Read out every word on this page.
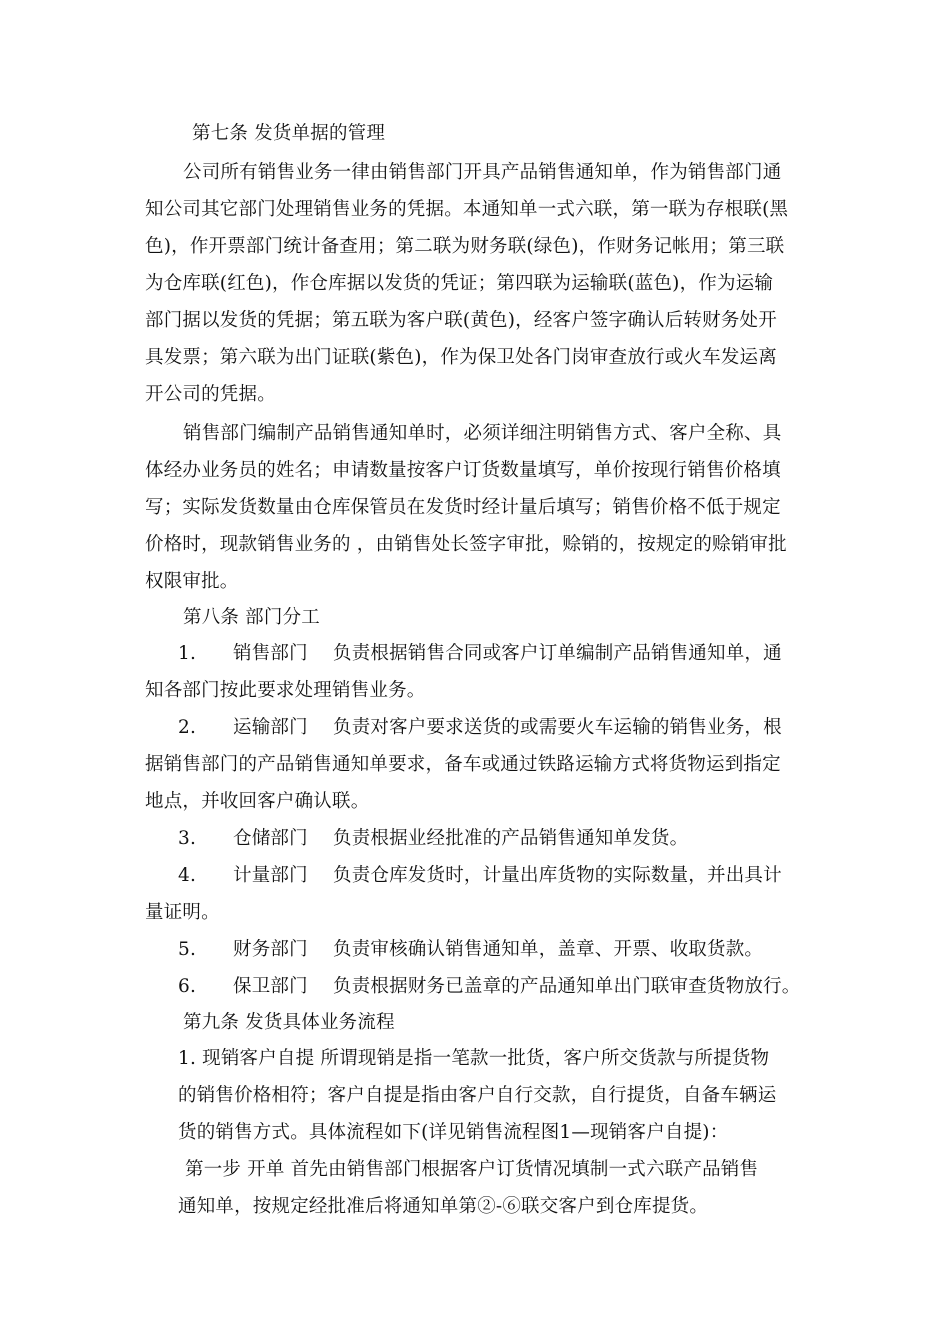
第七条 发货单据的管理
公司所有销售业务一律由销售部门开具产品销售通知单，作为销售部门通
知公司其它部门处理销售业务的凭据。本通知单一式六联，第一联为存根联(黑
色)，作开票部门统计备查用；第二联为财务联(绿色)，作财务记帐用；第三联
为仓库联(红色)，作仓库据以发货的凭证；第四联为运输联(蓝色)，作为运输
部门据以发货的凭据；第五联为客户联(黄色)，经客户签字确认后转财务处开
具发票；第六联为出门证联(紫色)，作为保卫处各门岗审查放行或火车发运离
开公司的凭据。
销售部门编制产品销售通知单时，必须详细注明销售方式、客户全称、具
体经办业务员的姓名；申请数量按客户订货数量填写，单价按现行销售价格填
写；实际发货数量由仓库保管员在发货时经计量后填写；销售价格不低于规定
价格时，现款销售业务的 ，由销售处长签字审批，赊销的，按规定的赊销审批
权限审批。
第八条 部门分工
1. 销售部门 负责根据销售合同或客户订单编制产品销售通知单，通
知各部门按此要求处理销售业务。
2. 运输部门 负责对客户要求送货的或需要火车运输的销售业务，根
据销售部门的产品销售通知单要求，备车或通过铁路运输方式将货物运到指定
地点，并收回客户确认联。
3. 仓储部门 负责根据业经批准的产品销售通知单发货。
4. 计量部门 负责仓库发货时，计量出库货物的实际数量，并出具计
量证明。
5. 财务部门 负责审核确认销售通知单，盖章、开票、收取货款。
6. 保卫部门 负责根据财务已盖章的产品通知单出门联审查货物放行。
第九条 发货具体业务流程
1. 现销客户自提 所谓现销是指一笔款一批货，客户所交货款与所提货物
的销售价格相符；客户自提是指由客户自行交款，自行提货，自备车辆运
货的销售方式。具体流程如下(详见销售流程图1—现销客户自提)：
第一步 开单 首先由销售部门根据客户订货情况填制一式六联产品销售
通知单，按规定经批准后将通知单第②-⑥联交客户到仓库提货。
